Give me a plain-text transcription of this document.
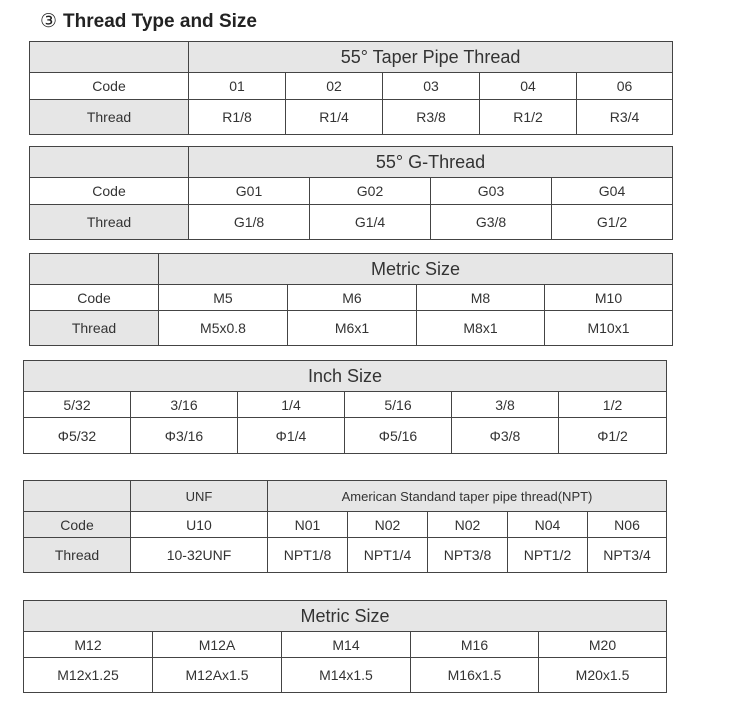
③ Thread Type and Size
	55° Taper Pipe Thread				
Code	01	02	03	04	06
Thread	R1/8	R1/4	R3/8	R1/2	R3/4
	55° G-Thread			
Code	G01	G02	G03	G04
Thread	G1/8	G1/4	G3/8	G1/2
	Metric Size			
Code	M5	M6	M8	M10
Thread	M5x0.8	M6x1	M8x1	M10x1
Inch Size					
5/32	3/16	1/4	5/16	3/8	1/2
Φ5/32	Φ3/16	Φ1/4	Φ5/16	Φ3/8	Φ1/2
	UNF	American Standand taper pipe thread(NPT)				
Code	U10	N01	N02	N02	N04	N06
Thread	10-32UNF	NPT1/8	NPT1/4	NPT3/8	NPT1/2	NPT3/4
Metric Size				
M12	M12A	M14	M16	M20
M12x1.25	M12Ax1.5	M14x1.5	M16x1.5	M20x1.5
